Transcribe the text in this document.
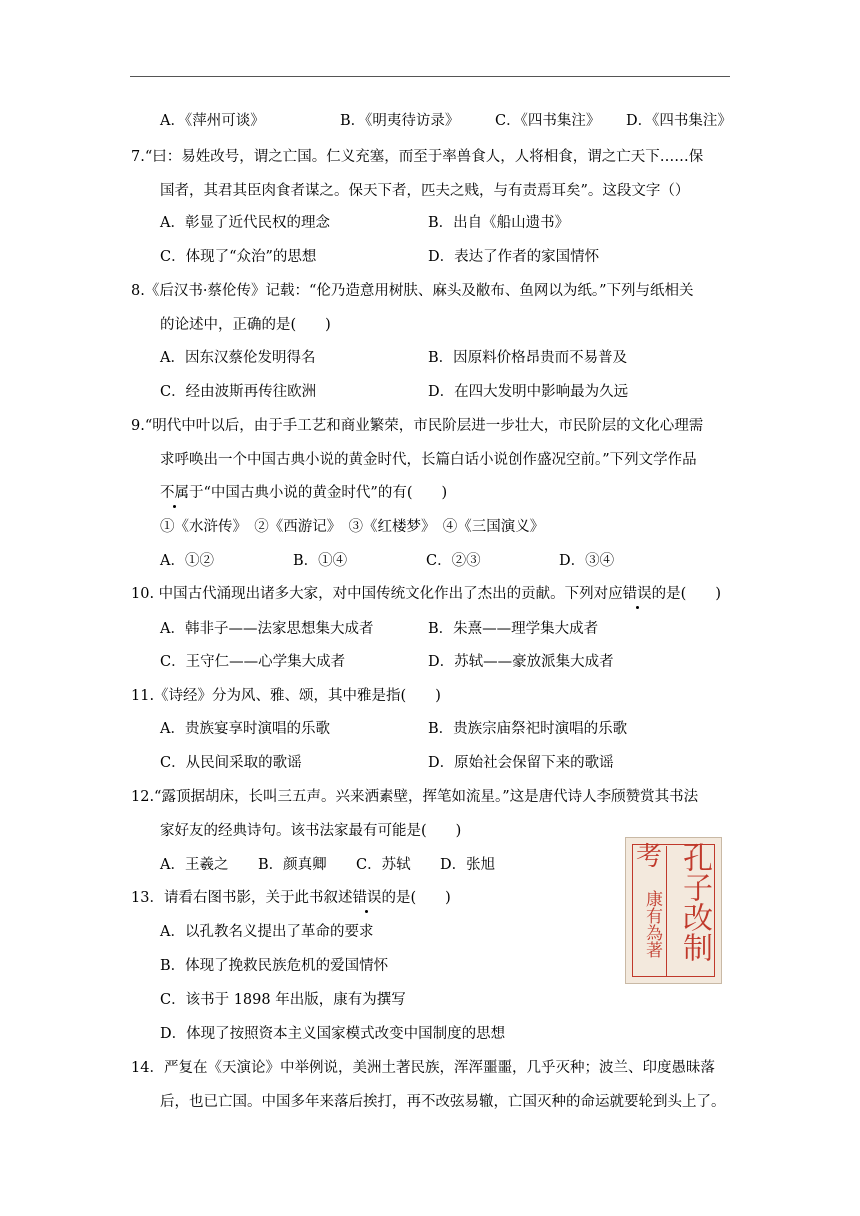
A．《萍州可谈》	B．《明夷待访录》 C．《四书集注》 D．《四书集注》
7.“曰：易姓改号，谓之亡国。仁义充塞，而至于率兽食人，人将相食，谓之亡天下……保
国者，其君其臣肉食者谋之。保天下者，匹夫之贱，与有责焉耳矣”。这段文字（）
A．彰显了近代民权的理念	B．出自《船山遗书》
C．体现了“众治”的思想	D．表达了作者的家国情怀
8.《后汉书·蔡伦传》记载：“伦乃造意用树肤、麻头及敝布、鱼网以为纸。”下列与纸相关
的论述中，正确的是(　　)
A．因东汉蔡伦发明得名	B．因原料价格昂贵而不易普及
C．经由波斯再传往欧洲	D．在四大发明中影响最为久远
9.“明代中叶以后，由于手工艺和商业繁荣，市民阶层进一步壮大，市民阶层的文化心理需
求呼唤出一个中国古典小说的黄金时代，长篇白话小说创作盛况空前。”下列文学作品
不属于“中国古典小说的黄金时代”的有(　　)
①《水浒传》　②《西游记》　③《红楼梦》　④《三国演义》
A．①②	B．①④	C．②③	D．③④
10. 中国古代涌现出诸多大家，对中国传统文化作出了杰出的贡献。下列对应错误的是(　　)
A．韩非子——法家思想集大成者	B．朱熹——理学集大成者
C．王守仁——心学集大成者	D．苏轼——豪放派集大成者
11.《诗经》分为风、雅、颂，其中雅是指(　　)
A．贵族宴享时演唱的乐歌	B．贵族宗庙祭祀时演唱的乐歌
C．从民间采取的歌谣	D．原始社会保留下来的歌谣
12.“露顶据胡床，长叫三五声。兴来洒素壁，挥笔如流星。”这是唐代诗人李颀赞赏其书法
家好友的经典诗句。该书法家最有可能是(　　)
A．王羲之 B．颜真卿 C．苏轼 D．张旭
13．请看右图书影，关于此书叙述错误的是(　　)
A．以孔教名义提出了革命的要求
B．体现了挽救民族危机的爱国情怀
C．该书于 1898 年出版，康有为撰写
D．体现了按照资本主义国家模式改变中国制度的思想
考
康有為著 孔子改制
14．严复在《天演论》中举例说，美洲土著民族，浑浑噩噩，几乎灭种；波兰、印度愚昧落
后，也已亡国。中国多年来落后挨打，再不改弦易辙，亡国灭种的命运就要轮到头上了。
